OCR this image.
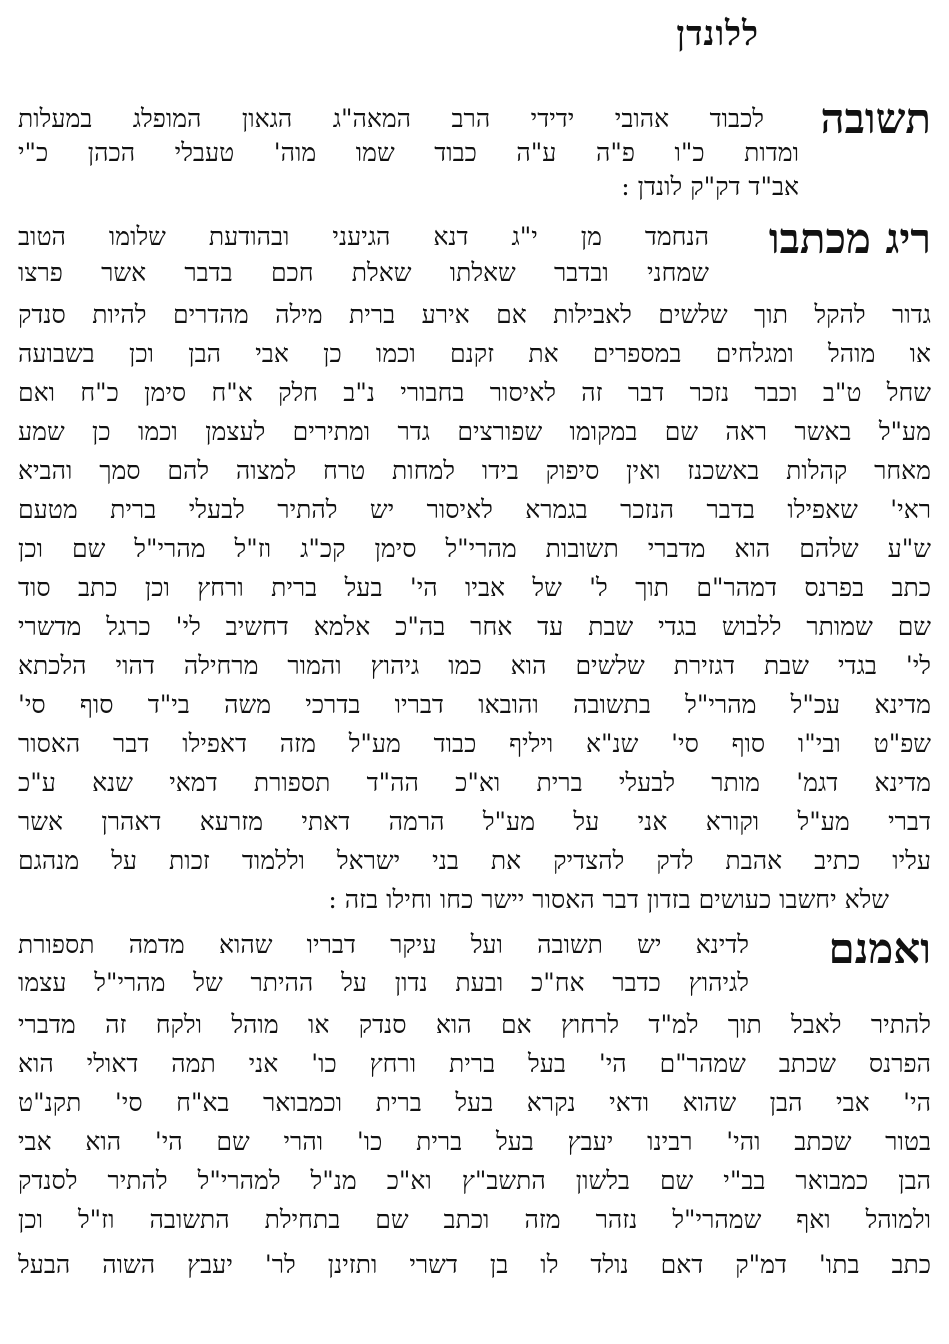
ללונדן
תשובה
לכבוד אהובי ידידי הרב המאה"ג הגאון המופלג במעלות
ומדות כ"ו פ"ה ע"ה כבוד שמו מוה' טעבלי הכהן כ"י
אב"ד דק"ק לונדן :
ריג מכתבו
הנחמד מן י"ג דנא הגיעני ובהודעת שלומו הטוב
שמחני ובדבר שאלתו שאלת חכם בדבר אשר פרצו
גדור להקל תוך שלשים לאבילות אם אירע ברית מילה מהדרים להיות סנדק
או מוהל ומגלחים במספרים את זקנם וכמו כן אבי הבן וכן בשבועה
שחל ט"ב וכבר נזכר דבר זה לאיסור בחבורי נ"ב חלק א"ח סימן כ"ח ואם
מע"ל באשר ראה שם במקומו שפורצים גדר ומתירים לעצמן וכמו כן שמע
מאחר קהלות באשכנז ואין סיפוק בידו למחות טרח למצוה להם סמך והביא
ראי' שאפילו בדבר הנזכר בגמרא לאיסור יש להתיר לבעלי ברית מטעם
ש"ע שלהם הוא מדברי תשובות מהרי"ל סימן קכ"ג וז"ל מהרי"ל שם וכן
כתב בפרנס דמהר"ם תוך ל' של אביו הי' בעל ברית ורחץ וכן כתב סוד
שם שמותר ללבוש בגדי שבת עד אחר בה"כ אלמא דחשיב לי' כרגל מדשרי
לי' בגדי שבת דגזירת שלשים הוא כמו גיהוץ והמור מרחילה דהוי הלכתא
מדינא עכ"ל מהרי"ל בתשובה והובאו דבריו בדרכי משה בי"ד סוף סי'
שפ"ט ובי"ו סוף סי' שנ"א ויליף כבוד מע"ל מזה דאפילו דבר האסור
מדינא דגמ' מותר לבעלי ברית וא"כ הה"ד תספורת דמאי שנא ע"כ
דברי מע"ל וקורא אני על מע"ל הרמה דאתי מזרעא דאהרן אשר
עליו כתיב אהבת לדק להצדיק את בני ישראל וללמוד זכות על מנהגם
שלא יחשבו כעושים בזדון דבר האסור יישר כחו וחילו בזה :
ואמנם
לדינא יש תשובה ועל עיקר דבריו שהוא מדמה תספורת
לגיהוץ כדבר אח"כ ובעת נדון על ההיתר של מהרי"ל עצמו
להתיר לאבל תוך למ"ד לרחוץ אם הוא סנדק או מוהל ולקח זה מדברי
הפרנס שכתב שמהר"ם הי' בעל ברית ורחץ כו' אני תמה דאולי הוא
הי' אבי הבן שהוא ודאי נקרא בעל ברית וכמבואר בא"ח סי' תקנ"ט
בטור שכתב והי' רבינו יעבץ בעל ברית כו' והרי שם הי' הוא אבי
הבן כמבואר בב"י שם בלשון התשב"ץ וא"כ מנ"ל למהרי"ל להתיר לסנדק
ולמוהל ואף שמהרי"ל נזהר מזה וכתב שם בתחילת התשובה וז"ל וכן
כתב בתו' דמ"ק דאם נולד לו בן דשרי ותזינן לר' יעבץ השוה הבעל
